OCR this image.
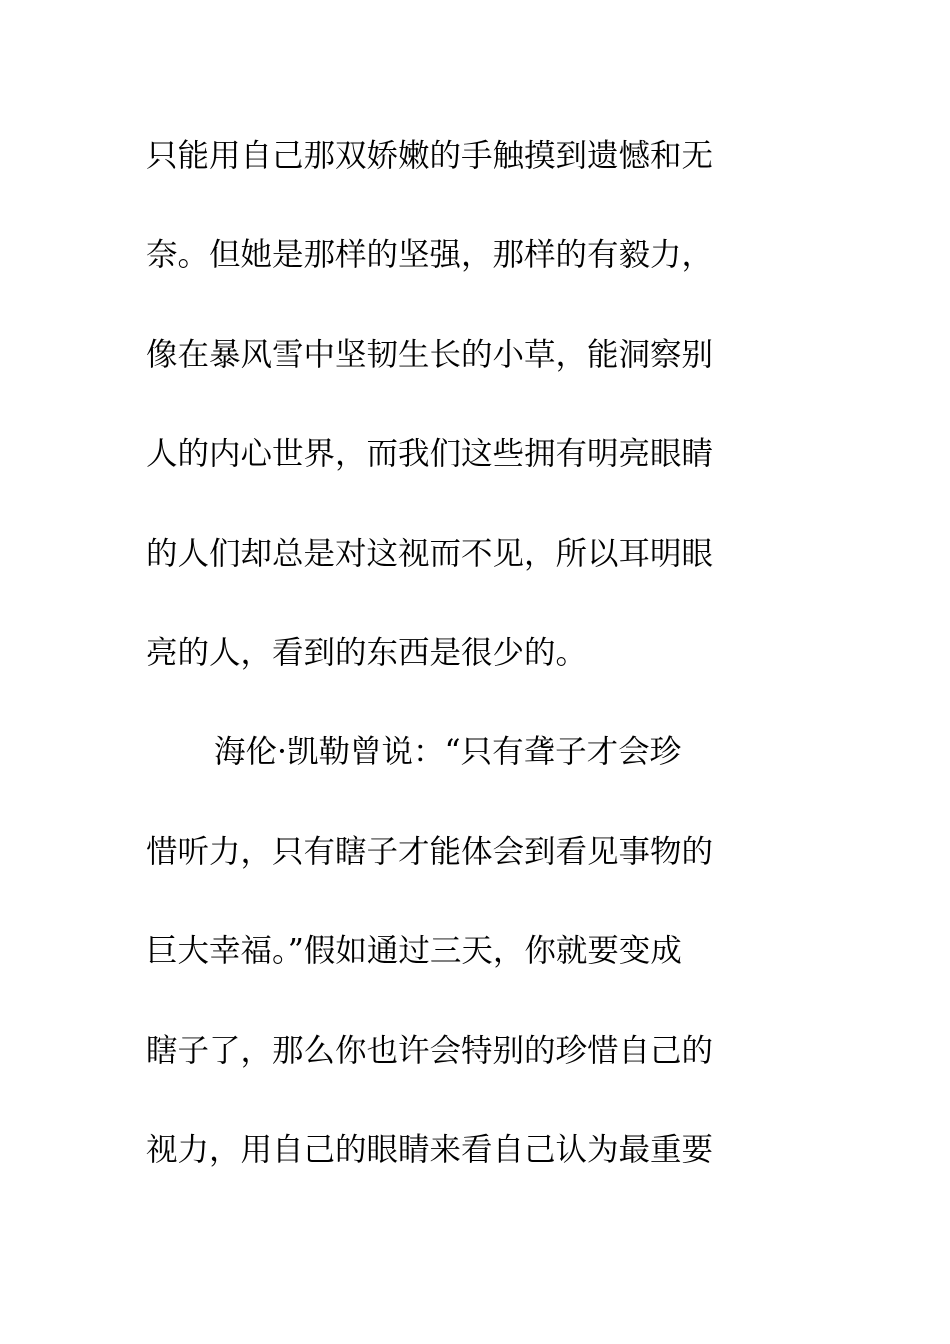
只能用自己那双娇嫩的手触摸到遗憾和无
奈。但她是那样的坚强，那样的有毅力，
像在暴风雪中坚韧生长的小草，能洞察别
人的内心世界，而我们这些拥有明亮眼睛
的人们却总是对这视而不见，所以耳明眼
亮的人，看到的东西是很少的。
海伦·凯勒曾说：“只有聋子才会珍
惜听力，只有瞎子才能体会到看见事物的
巨大幸福。”假如通过三天，你就要变成
瞎子了，那么你也许会特别的珍惜自己的
视力，用自己的眼睛来看自己认为最重要
